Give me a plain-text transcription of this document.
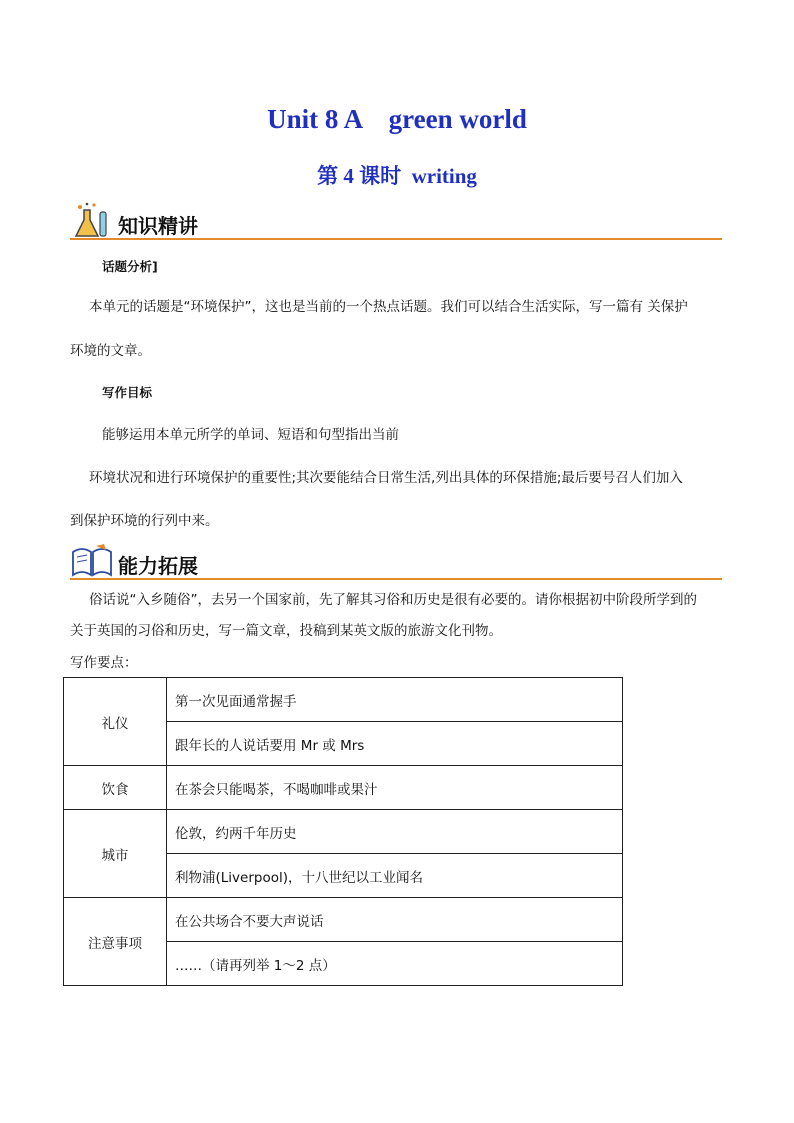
Unit 8 A    green world
第 4 课时  writing
知识精讲

话题分析]

本单元的话题是“环境保护”，这也是当前的一个热点话题。我们可以结合生活实际，写一篇有 关保护

环境的文章。

写作目标

能够运用本单元所学的单词、短语和句型指出当前

环境状况和进行环境保护的重要性;其次要能结合日常生活,列出具体的环保措施;最后要号召人们加入

到保护环境的行列中来。

能力拓展

俗话说“入乡随俗”，去另一个国家前，先了解其习俗和历史是很有必要的。请你根据初中阶段所学到的

关于英国的习俗和历史，写一篇文章，投稿到某英文版的旅游文化刊物。

写作要点：

礼仪	第一次见面通常握手
	跟年长的人说话要用 Mr 或 Mrs
饮食	在茶会只能喝茶，不喝咖啡或果汁
城市	伦敦，约两千年历史
	利物浦(Liverpool)，十八世纪以工业闻名
注意事项	在公共场合不要大声说话
	……（请再列举 1～2 点）
